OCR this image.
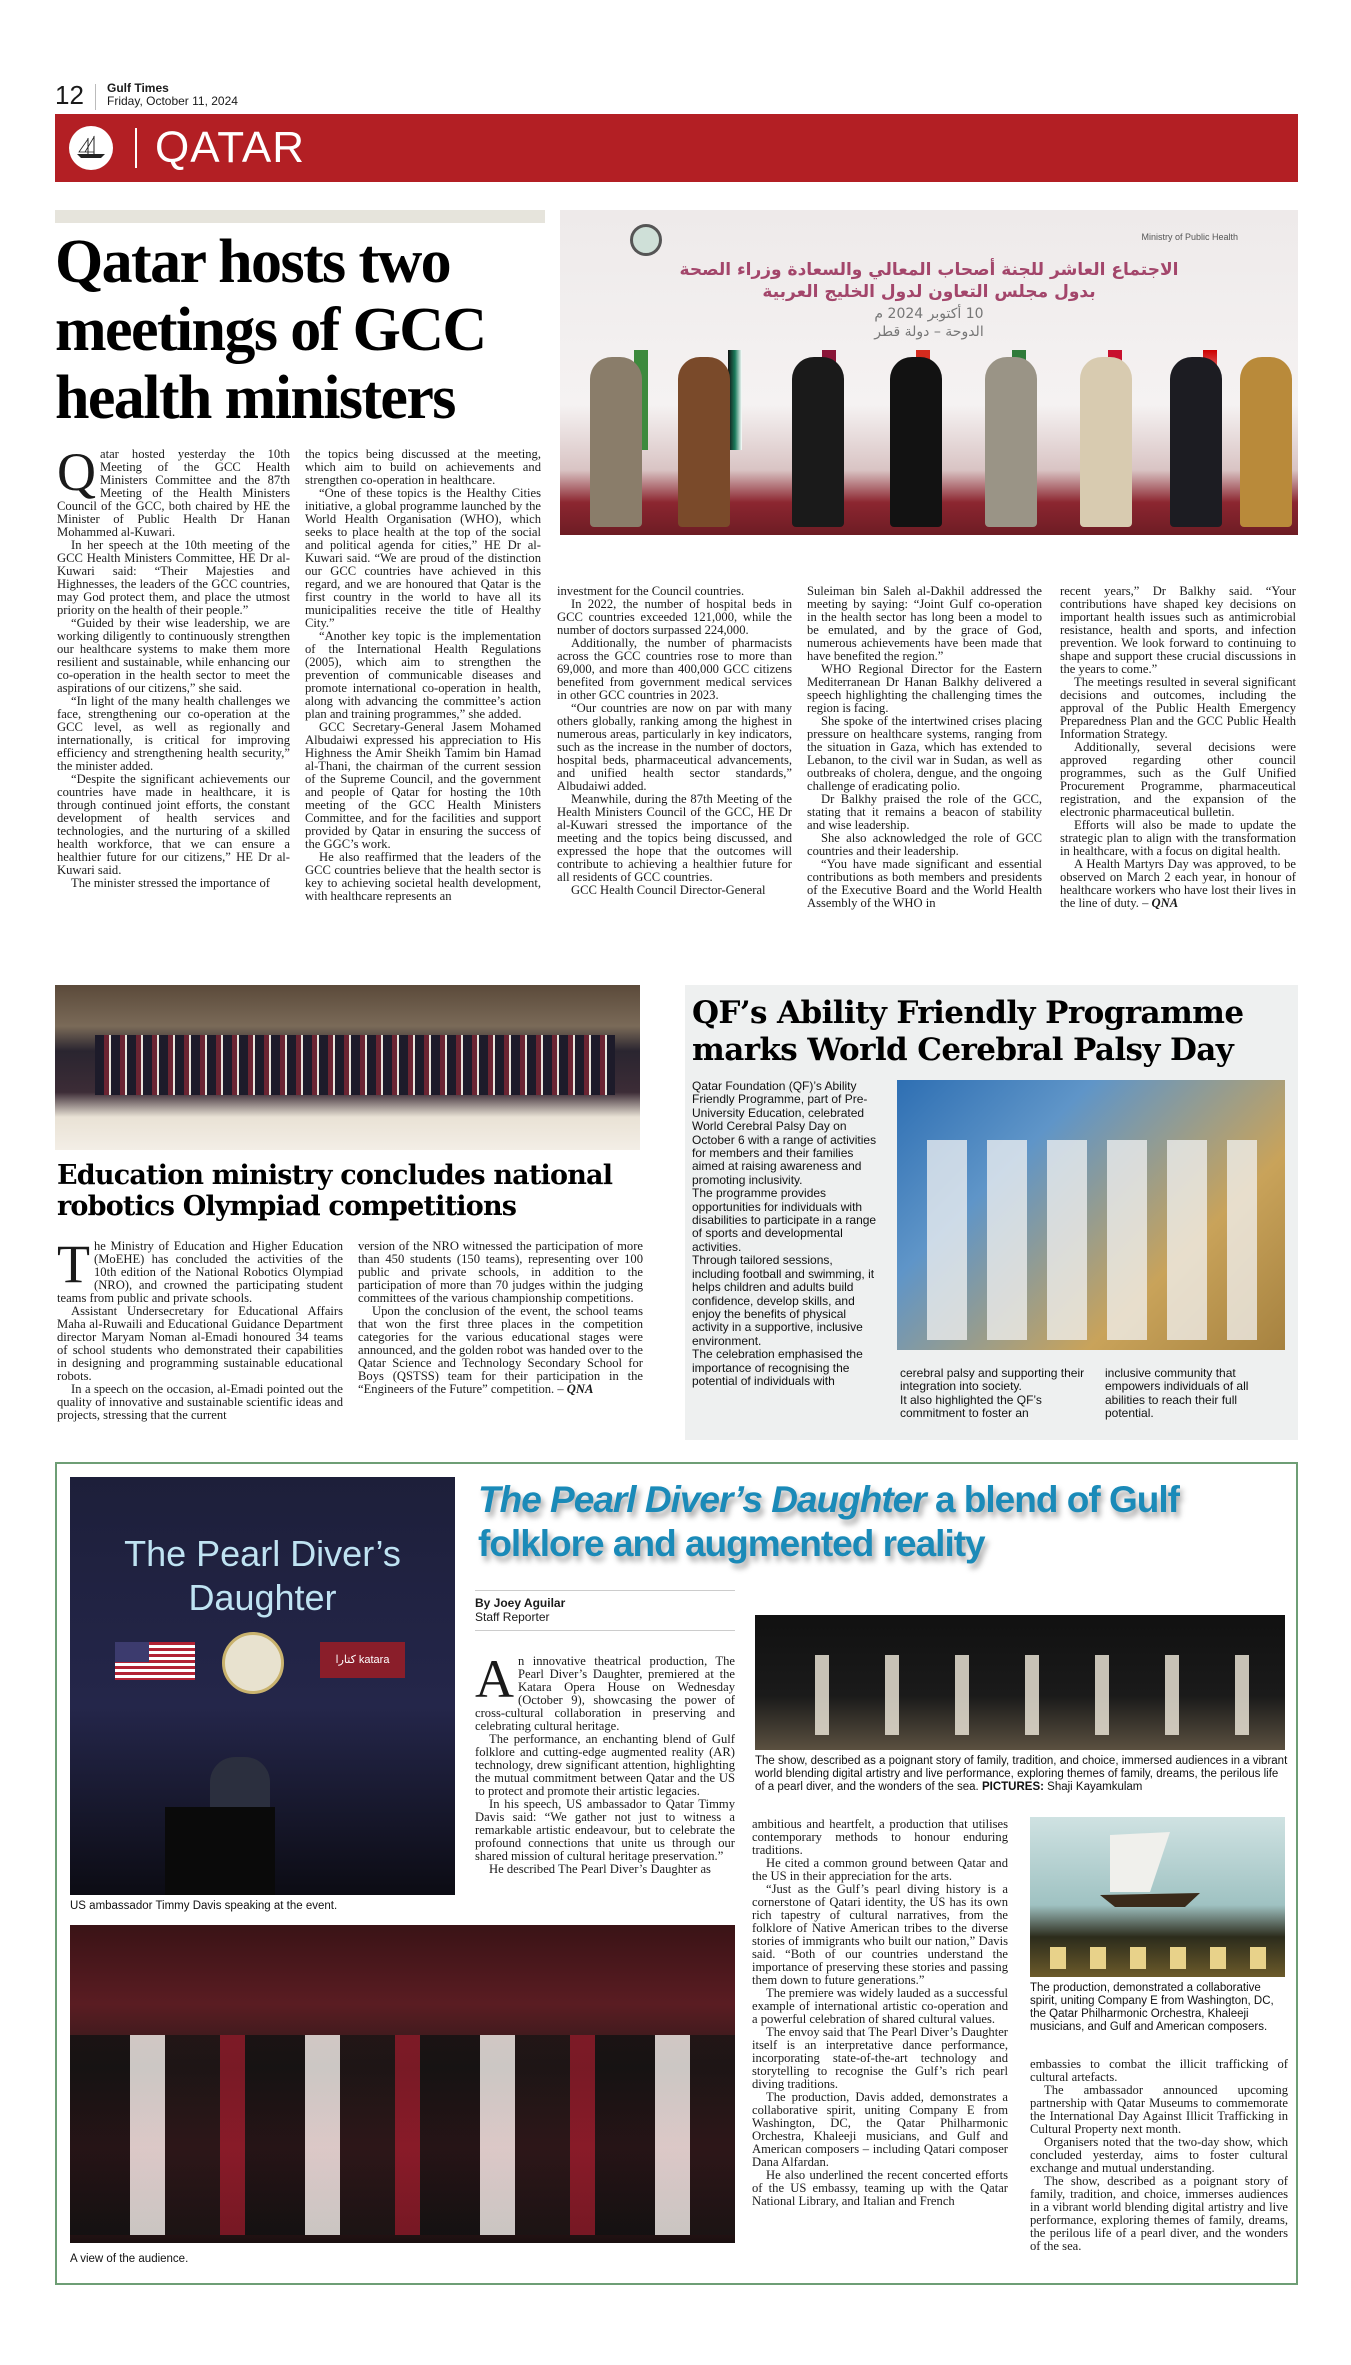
12 Gulf Times
Friday, October 11, 2024
QATAR
Qatar hosts two meetings of GCC health ministers
Ministry of Public Health
الاجتماع العاشر للجنة أصحاب المعالي والسعادة وزراء الصحة
بدول مجلس التعاون لدول الخليج العربية
10 أكتوبر 2024 م
الدوحة – دولة قطر

Qatar hosted yesterday the 10th Meeting of the GCC Health Ministers Committee and the 87th Meeting of the Health Ministers Council of the GCC, both chaired by HE the Minister of Public Health Dr Hanan Mohammed al-Kuwari.

In her speech at the 10th meeting of the GCC Health Ministers Committee, HE Dr al-Kuwari said: “Their Majesties and Highnesses, the leaders of the GCC countries, may God protect them, and place the utmost priority on the health of their people.”

“Guided by their wise leadership, we are working diligently to continuously strengthen our healthcare systems to make them more resilient and sustainable, while enhancing our co-operation in the health sector to meet the aspirations of our citizens,” she said.

“In light of the many health challenges we face, strengthening our co-operation at the GCC level, as well as regionally and internationally, is critical for improving efficiency and strengthening health security,” the minister added.

“Despite the significant achievements our countries have made in healthcare, it is through continued joint efforts, the constant development of health services and technologies, and the nurturing of a skilled health workforce, that we can ensure a healthier future for our citizens,” HE Dr al-Kuwari said.

The minister stressed the importance of

the topics being discussed at the meeting, which aim to build on achievements and strengthen co-operation in healthcare.

“One of these topics is the Healthy Cities initiative, a global programme launched by the World Health Organisation (WHO), which seeks to place health at the top of the social and political agenda for cities,” HE Dr al-Kuwari said. “We are proud of the distinction our GCC countries have achieved in this regard, and we are honoured that Qatar is the first country in the world to have all its municipalities receive the title of Healthy City.”

“Another key topic is the implementation of the International Health Regulations (2005), which aim to strengthen the prevention of communicable diseases and promote international co-operation in health, along with advancing the committee’s action plan and training programmes,” she added.

GCC Secretary-General Jasem Mohamed Albudaiwi expressed his appreciation to His Highness the Amir Sheikh Tamim bin Hamad al-Thani, the chairman of the current session of the Supreme Council, and the government and people of Qatar for hosting the 10th meeting of the GCC Health Ministers Committee, and for the facilities and support provided by Qatar in ensuring the success of the GGC’s work.

He also reaffirmed that the leaders of the GCC countries believe that the health sector is key to achieving societal health development, with healthcare represents an

investment for the Council countries.

In 2022, the number of hospital beds in GCC countries exceeded 121,000, while the number of doctors surpassed 224,000.

Additionally, the number of pharmacists across the GCC countries rose to more than 69,000, and more than 400,000 GCC citizens benefited from government medical services in other GCC countries in 2023.

“Our countries are now on par with many others globally, ranking among the highest in numerous areas, particularly in key indicators, such as the increase in the number of doctors, hospital beds, pharmaceutical advancements, and unified health sector standards,” Albudaiwi added.

Meanwhile, during the 87th Meeting of the Health Ministers Council of the GCC, HE Dr al-Kuwari stressed the importance of the meeting and the topics being discussed, and expressed the hope that the outcomes will contribute to achieving a healthier future for all residents of GCC countries.

GCC Health Council Director-General

Suleiman bin Saleh al-Dakhil addressed the meeting by saying: “Joint Gulf co-operation in the health sector has long been a model to be emulated, and by the grace of God, numerous achievements have been made that have benefited the region.”

WHO Regional Director for the Eastern Mediterranean Dr Hanan Balkhy delivered a speech highlighting the challenging times the region is facing.

She spoke of the intertwined crises placing pressure on healthcare systems, ranging from the situation in Gaza, which has extended to Lebanon, to the civil war in Sudan, as well as outbreaks of cholera, dengue, and the ongoing challenge of eradicating polio.

Dr Balkhy praised the role of the GCC, stating that it remains a beacon of stability and wise leadership.

She also acknowledged the role of GCC countries and their leadership.

“You have made significant and essential contributions as both members and presidents of the Executive Board and the World Health Assembly of the WHO in

recent years,” Dr Balkhy said. “Your contributions have shaped key decisions on important health issues such as antimicrobial resistance, health and sports, and infection prevention. We look forward to continuing to shape and support these crucial discussions in the years to come.”

The meetings resulted in several significant decisions and outcomes, including the approval of the Public Health Emergency Preparedness Plan and the GCC Public Health Information Strategy.

Additionally, several decisions were approved regarding other council programmes, such as the Gulf Unified Procurement Programme, pharmaceutical registration, and the expansion of the electronic pharmaceutical bulletin.

Efforts will also be made to update the strategic plan to align with the transformation in healthcare, with a focus on digital health.

A Health Martyrs Day was approved, to be observed on March 2 each year, in honour of healthcare workers who have lost their lives in the line of duty. – QNA

Education ministry concludes national robotics Olympiad competitions

The Ministry of Education and Higher Education (MoEHE) has concluded the activities of the 10th edition of the National Robotics Olympiad (NRO), and crowned the participating student teams from public and private schools.

Assistant Undersecretary for Educational Affairs Maha al-Ruwaili and Educational Guidance Department director Maryam Noman al-Emadi honoured 34 teams of school students who demonstrated their capabilities in designing and programming sustainable educational robots.

In a speech on the occasion, al-Emadi pointed out the quality of innovative and sustainable scientific ideas and projects, stressing that the current

version of the NRO witnessed the participation of more than 450 students (150 teams), representing over 100 public and private schools, in addition to the participation of more than 70 judges within the judging committees of the various championship competitions.

Upon the conclusion of the event, the school teams that won the first three places in the competition categories for the various educational stages were announced, and the golden robot was handed over to the Qatar Science and Technology Secondary School for Boys (QSTSS) team for their participation in the “Engineers of the Future” competition. – QNA

QF’s Ability Friendly Programme marks World Cerebral Palsy Day

Qatar Foundation (QF)’s Ability Friendly Programme, part of Pre-University Education, celebrated World Cerebral Palsy Day on October 6 with a range of activities for members and their families aimed at raising awareness and promoting inclusivity.

The programme provides opportunities for individuals with disabilities to participate in a range of sports and developmental activities.

Through tailored sessions, including football and swimming, it helps children and adults build confidence, develop skills, and enjoy the benefits of physical activity in a supportive, inclusive environment.

The celebration emphasised the importance of recognising the potential of individuals with

cerebral palsy and supporting their integration into society.

It also highlighted the QF’s commitment to foster an

inclusive community that empowers individuals of all abilities to reach their full potential.

The Pearl Diver’s Daughter
كتارا katara
US ambassador Timmy Davis speaking at the event.
The Pearl Diver’s Daughter a blend of Gulf folklore and augmented reality
By Joey Aguilar
Staff Reporter

An innovative theatrical production, The Pearl Diver’s Daughter, premiered at the Katara Opera House on Wednesday (October 9), showcasing the power of cross-cultural collaboration in preserving and celebrating cultural heritage.

The performance, an enchanting blend of Gulf folklore and cutting-edge augmented reality (AR) technology, drew significant attention, highlighting the mutual commitment between Qatar and the US to protect and promote their artistic legacies.

In his speech, US ambassador to Qatar Timmy Davis said: “We gather not just to witness a remarkable artistic endeavour, but to celebrate the profound connections that unite us through our shared mission of cultural heritage preservation.”

He described The Pearl Diver’s Daughter as

The show, described as a poignant story of family, tradition, and choice, immersed audiences in a vibrant world blending digital artistry and live performance, exploring themes of family, dreams, the perilous life of a pearl diver, and the wonders of the sea. PICTURES: Shaji Kayamkulam
A view of the audience.

ambitious and heartfelt, a production that utilises contemporary methods to honour enduring traditions.

He cited a common ground between Qatar and the US in their appreciation for the arts.

“Just as the Gulf’s pearl diving history is a cornerstone of Qatari identity, the US has its own rich tapestry of cultural narratives, from the folklore of Native American tribes to the diverse stories of immigrants who built our nation,” Davis said. “Both of our countries understand the importance of preserving these stories and passing them down to future generations.”

The premiere was widely lauded as a successful example of international artistic co-operation and a powerful celebration of shared cultural values.

The envoy said that The Pearl Diver’s Daughter itself is an interpretative dance performance, incorporating state-of-the-art technology and storytelling to recognise the Gulf’s rich pearl diving traditions.

The production, Davis added, demonstrates a collaborative spirit, uniting Company E from Washington, DC, the Qatar Philharmonic Orchestra, Khaleeji musicians, and Gulf and American composers – including Qatari composer Dana Alfardan.

He also underlined the recent concerted efforts of the US embassy, teaming up with the Qatar National Library, and Italian and French

The production, demonstrated a collaborative spirit, uniting Company E from Washington, DC, the Qatar Philharmonic Orchestra, Khaleeji musicians, and Gulf and American composers.

embassies to combat the illicit trafficking of cultural artefacts.

The ambassador announced upcoming partnership with Qatar Museums to commemorate the International Day Against Illicit Trafficking in Cultural Property next month.

Organisers noted that the two-day show, which concluded yesterday, aims to foster cultural exchange and mutual understanding.

The show, described as a poignant story of family, tradition, and choice, immerses audiences in a vibrant world blending digital artistry and live performance, exploring themes of family, dreams, the perilous life of a pearl diver, and the wonders of the sea.
